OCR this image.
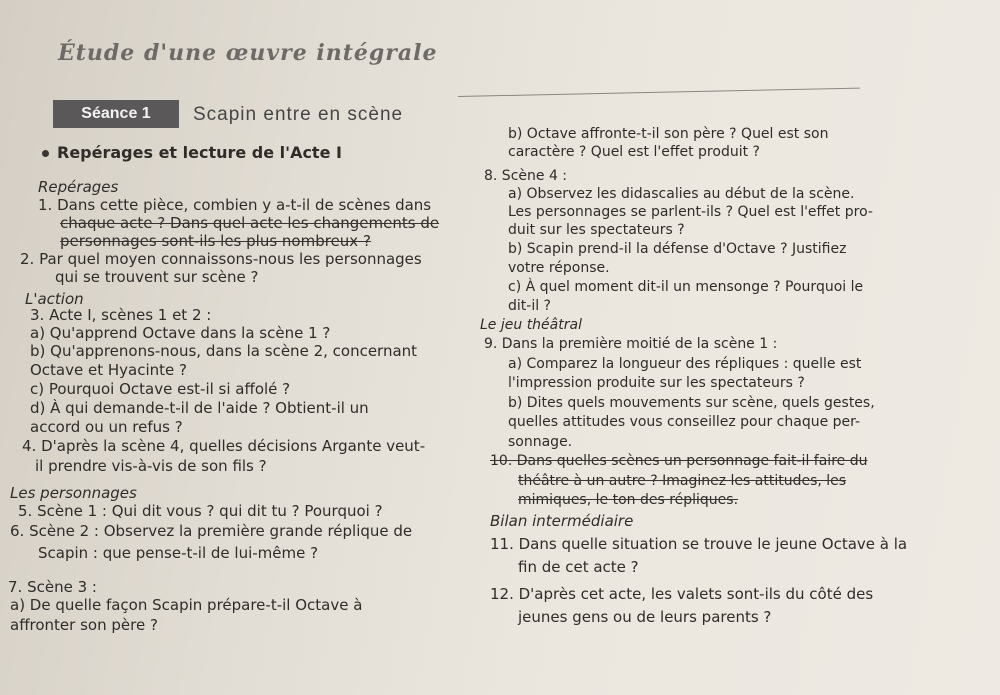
Étude d'une œuvre intégrale
Séance 1	Scapin entre en scène
Repérages et lecture de l'Acte I
Repérages
1. Dans cette pièce, combien y a-t-il de scènes dans
chaque acte ? Dans quel acte les changements de
personnages sont-ils les plus nombreux ?
2. Par quel moyen connaissons-nous les personnages
qui se trouvent sur scène ?
L'action
3. Acte I, scènes 1 et 2 :
a) Qu'apprend Octave dans la scène 1 ?
b) Qu'apprenons-nous, dans la scène 2, concernant
Octave et Hyacinte ?
c) Pourquoi Octave est-il si affolé ?
d) À qui demande-t-il de l'aide ? Obtient-il un
accord ou un refus ?
4. D'après la scène 4, quelles décisions Argante veut-
il prendre vis-à-vis de son fils ?
Les personnages
5. Scène 1 : Qui dit vous ? qui dit tu ? Pourquoi ?
6. Scène 2 : Observez la première grande réplique de
Scapin : que pense-t-il de lui-même ?
7. Scène 3 :
a) De quelle façon Scapin prépare-t-il Octave à
affronter son père ?
b) Octave affronte-t-il son père ? Quel est son
caractère ? Quel est l'effet produit ?
8. Scène 4 :
a) Observez les didascalies au début de la scène.
Les personnages se parlent-ils ? Quel est l'effet pro-
duit sur les spectateurs ?
b) Scapin prend-il la défense d'Octave ? Justifiez
votre réponse.
c) À quel moment dit-il un mensonge ? Pourquoi le
dit-il ?
Le jeu théâtral
9. Dans la première moitié de la scène 1 :
a) Comparez la longueur des répliques : quelle est
l'impression produite sur les spectateurs ?
b) Dites quels mouvements sur scène, quels gestes,
quelles attitudes vous conseillez pour chaque per-
sonnage.
10. Dans quelles scènes un personnage fait-il faire du
théâtre à un autre ? Imaginez les attitudes, les
mimiques, le ton des répliques.
Bilan intermédiaire
11. Dans quelle situation se trouve le jeune Octave à la
fin de cet acte ?
12. D'après cet acte, les valets sont-ils du côté des
jeunes gens ou de leurs parents ?
